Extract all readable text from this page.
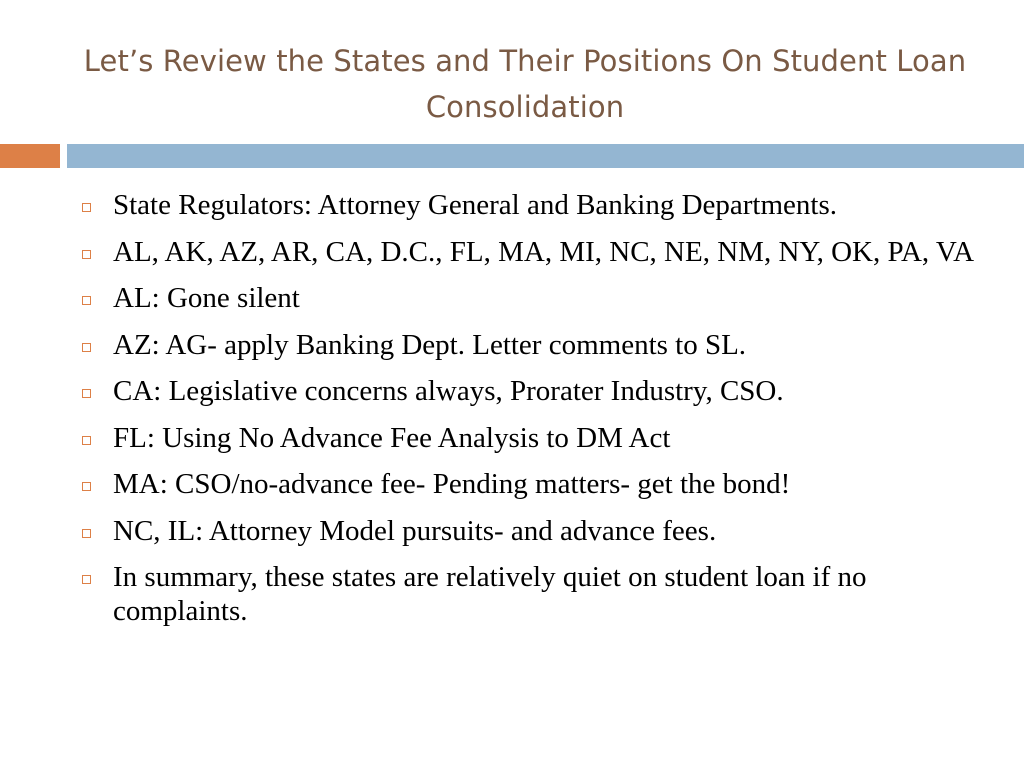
Let’s Review the States and Their Positions On Student Loan Consolidation
State Regulators: Attorney General and Banking Departments.
AL, AK, AZ, AR, CA, D.C., FL, MA, MI, NC, NE, NM, NY, OK, PA, VA
AL: Gone silent
AZ: AG- apply Banking Dept. Letter comments to SL.
CA: Legislative concerns always, Prorater Industry, CSO.
FL: Using No Advance Fee Analysis to DM Act
MA: CSO/no-advance fee- Pending matters- get the bond!
NC, IL: Attorney Model pursuits- and advance fees.
In summary, these states are relatively quiet on student loan if no complaints.
